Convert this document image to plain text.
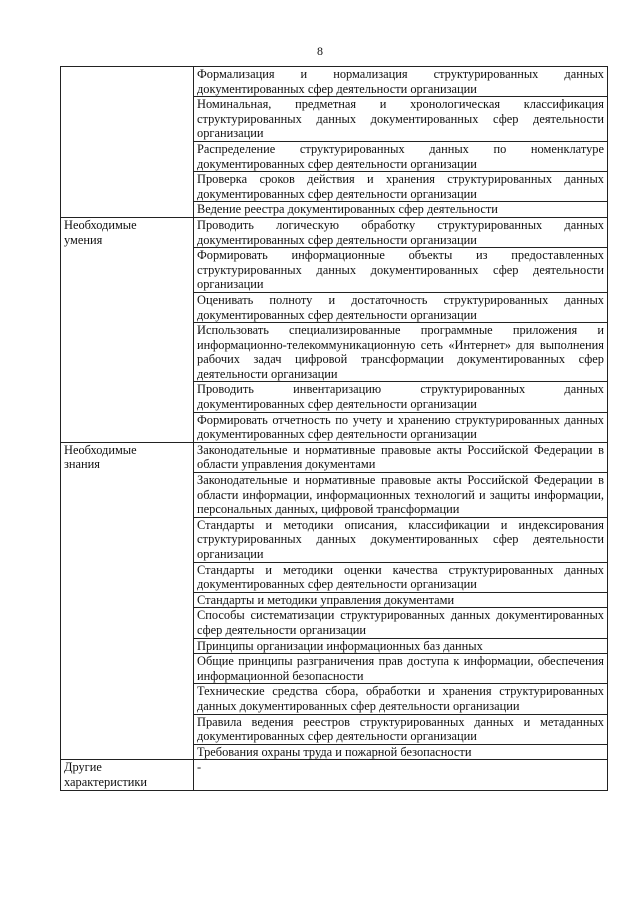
8
	Формализация и нормализация структурированных данных документированных сфер деятельности организации
	Номинальная, предметная и хронологическая классификация структурированных данных документированных сфер деятельности организации
	Распределение структурированных данных по номенклатуре документированных сфер деятельности организации
	Проверка сроков действия и хранения структурированных данных документированных сфер деятельности организации
	Ведение реестра документированных сфер деятельности

Необходимые
умения	Проводить логическую обработку структурированных данных документированных сфер деятельности организации
	Формировать информационные объекты из предоставленных структурированных данных документированных сфер деятельности организации
	Оценивать полноту и достаточность структурированных данных документированных сфер деятельности организации
	Использовать специализированные программные приложения и информационно-телекоммуникационную сеть «Интернет» для выполнения рабочих задач цифровой трансформации документированных сфер деятельности организации
	Проводить инвентаризацию структурированных данных документированных сфер деятельности организации
	Формировать отчетность по учету и хранению структурированных данных документированных сфер деятельности организации

Необходимые
знания	Законодательные и нормативные правовые акты Российской Федерации в области управления документами
	Законодательные и нормативные правовые акты Российской Федерации в области информации, информационных технологий и защиты информации, персональных данных, цифровой трансформации
	Стандарты и методики описания, классификации и индексирования структурированных данных документированных сфер деятельности организации
	Стандарты и методики оценки качества структурированных данных документированных сфер деятельности организации
	Стандарты и методики управления документами
	Способы систематизации структурированных данных документированных сфер деятельности организации
	Принципы организации информационных баз данных
	Общие принципы разграничения прав доступа к информации, обеспечения информационной безопасности
	Технические средства сбора, обработки и хранения структурированных данных документированных сфер деятельности организации
	Правила ведения реестров структурированных данных и метаданных документированных сфер деятельности организации
	Требования охраны труда и пожарной безопасности

Другие
характеристики	-
